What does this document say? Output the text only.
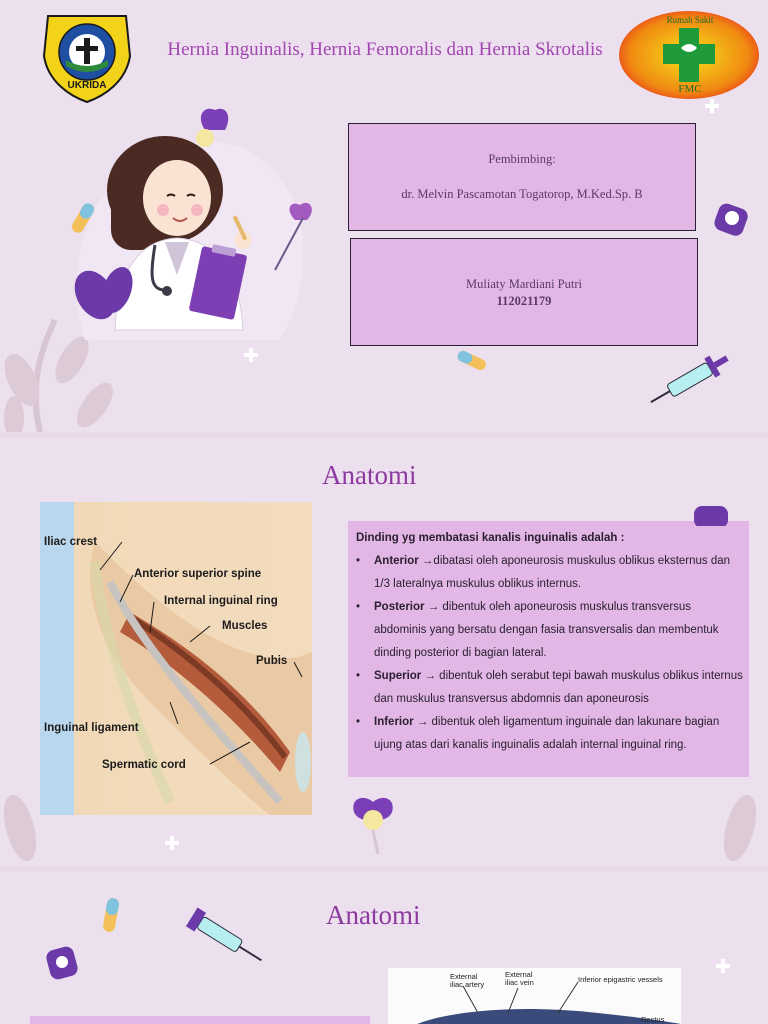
UKRIDA
Hernia Inguinalis, Hernia Femoralis dan Hernia Skrotalis
Rumah Sakit
FMC

Pembimbing:

dr. Melvin Pascamotan Togatorop, M.Ked.Sp. B

Muliaty Mardiani Putri

112021179

Anatomi
Iliac crest
Anterior superior spine
Internal inguinal ring
Muscles
Pubis
Inguinal ligament
Spermatic cord
Dinding yg membatasi kanalis inguinalis adalah :
• Anterior →dibatasi oleh aponeurosis muskulus oblikus eksternus dan 1/3 lateralnya muskulus oblikus internus.
• Posterior → dibentuk oleh aponeurosis muskulus transversus abdominis yang bersatu dengan fasia transversalis dan membentuk dinding posterior di bagian lateral.
• Superior → dibentuk oleh serabut tepi bawah muskulus oblikus internus dan muskulus transversus abdomnis dan aponeurosis
• Inferior → dibentuk oleh ligamentum inguinale dan lakunare bagian ujung atas dari kanalis inguinalis adalah internal inguinal ring.
Anatomi
External iliac artery
External iliac vein	Inferior epigastric vessels
Rectus
